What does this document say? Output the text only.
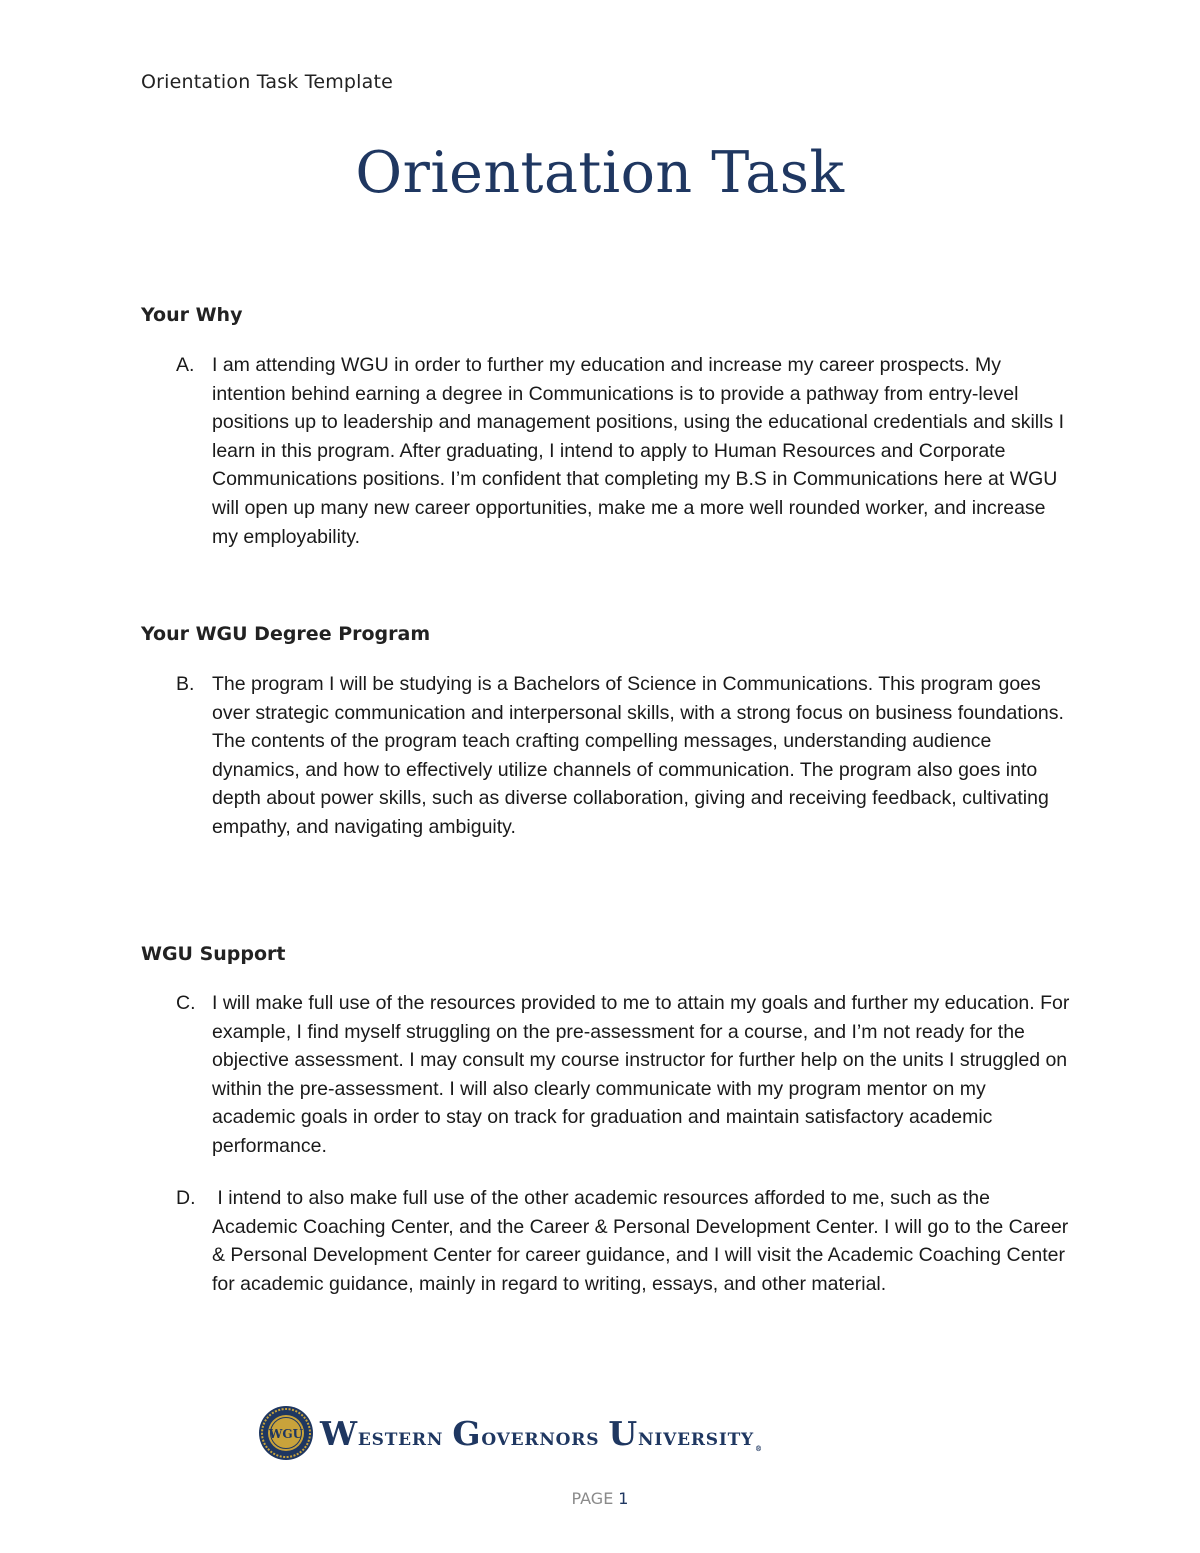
Orientation Task Template
Orientation Task
Your Why
A. I am attending WGU in order to further my education and increase my career prospects. My intention behind earning a degree in Communications is to provide a pathway from entry-level positions up to leadership and management positions, using the educational credentials and skills I learn in this program. After graduating, I intend to apply to Human Resources and Corporate Communications positions. I’m confident that completing my B.S in Communications here at WGU will open up many new career opportunities, make me a more well rounded worker, and increase my employability.
Your WGU Degree Program
B. The program I will be studying is a Bachelors of Science in Communications. This program goes over strategic communication and interpersonal skills, with a strong focus on business foundations. The contents of the program teach crafting compelling messages, understanding audience dynamics, and how to effectively utilize channels of communication. The program also goes into depth about power skills, such as diverse collaboration, giving and receiving feedback, cultivating empathy, and navigating ambiguity.
WGU Support
C. I will make full use of the resources provided to me to attain my goals and further my education. For example, I find myself struggling on the pre-assessment for a course, and I’m not ready for the objective assessment. I may consult my course instructor for further help on the units I struggled on within the pre-assessment. I will also clearly communicate with my program mentor on my academic goals in order to stay on track for graduation and maintain satisfactory academic performance.
D. I intend to also make full use of the other academic resources afforded to me, such as the Academic Coaching Center, and the Career & Personal Development Center. I will go to the Career & Personal Development Center for career guidance, and I will visit the Academic Coaching Center for academic guidance, mainly in regard to writing, essays, and other material.
WGU Western Governors University$_®$
PAGE 1
